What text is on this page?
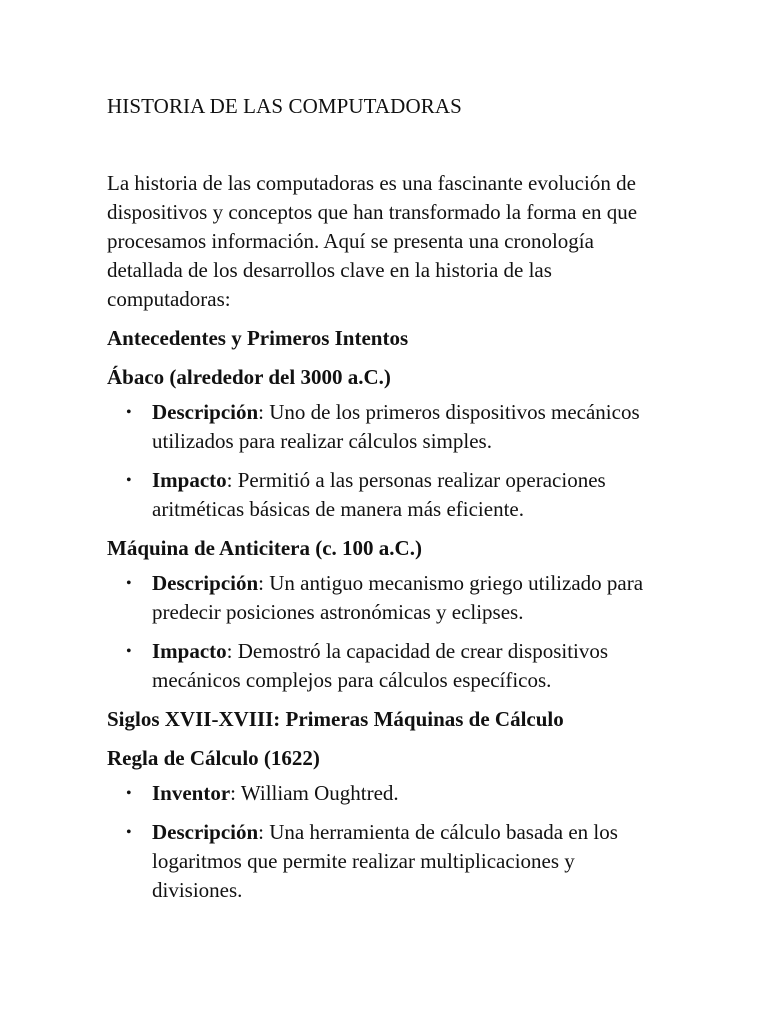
HISTORIA DE LAS COMPUTADORAS

La historia de las computadoras es una fascinante evolución de dispositivos y conceptos que han transformado la forma en que procesamos información. Aquí se presenta una cronología detallada de los desarrollos clave en la historia de las computadoras:

Antecedentes y Primeros Intentos
Ábaco (alrededor del 3000 a.C.)
• Descripción: Uno de los primeros dispositivos mecánicos utilizados para realizar cálculos simples.
• Impacto: Permitió a las personas realizar operaciones aritméticas básicas de manera más eficiente.
Máquina de Anticitera (c. 100 a.C.)
• Descripción: Un antiguo mecanismo griego utilizado para predecir posiciones astronómicas y eclipses.
• Impacto: Demostró la capacidad de crear dispositivos mecánicos complejos para cálculos específicos.
Siglos XVII-XVIII: Primeras Máquinas de Cálculo
Regla de Cálculo (1622)
• Inventor: William Oughtred.
• Descripción: Una herramienta de cálculo basada en los logaritmos que permite realizar multiplicaciones y divisiones.
